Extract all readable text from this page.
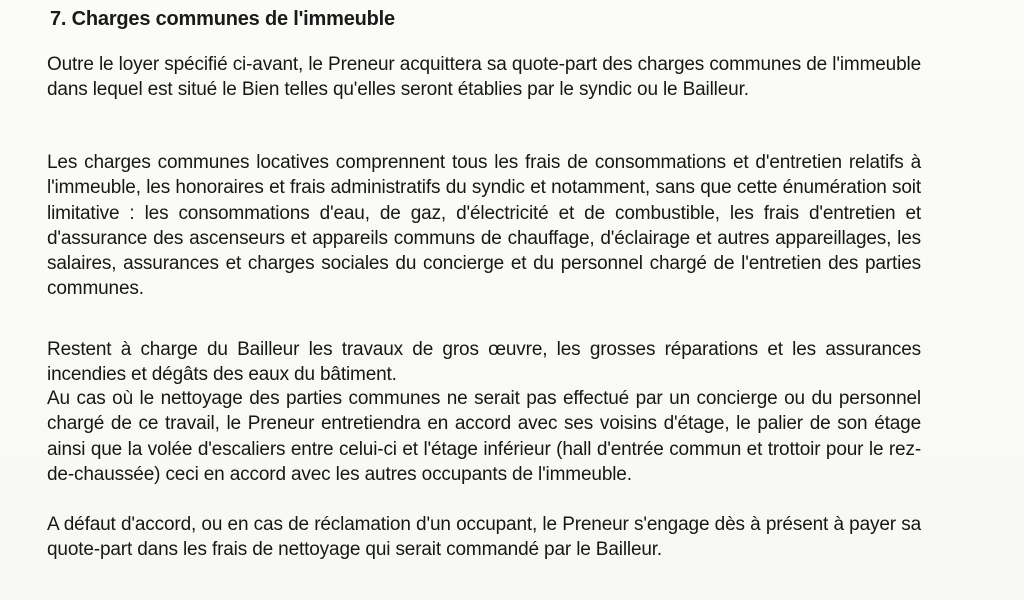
7. Charges communes de l'immeuble

Outre le loyer spécifié ci-avant, le Preneur acquittera sa quote-part des charges communes de l'immeuble dans lequel est situé le Bien telles qu'elles seront établies par le syndic ou le Bailleur.

Les charges communes locatives comprennent tous les frais de consommations et d'entretien relatifs à l'immeuble, les honoraires et frais administratifs du syndic et notamment, sans que cette énumération soit limitative : les consommations d'eau, de gaz, d'électricité et de combustible, les frais d'entretien et d'assurance des ascenseurs et appareils communs de chauffage, d'éclairage et autres appareillages, les salaires, assurances et charges sociales du concierge et du personnel chargé de l'entretien des parties communes.

Restent à charge du Bailleur les travaux de gros œuvre, les grosses réparations et les assurances incendies et dégâts des eaux du bâtiment.

Au cas où le nettoyage des parties communes ne serait pas effectué par un concierge ou du personnel chargé de ce travail, le Preneur entretiendra en accord avec ses voisins d'étage, le palier de son étage ainsi que la volée d'escaliers entre celui-ci et l'étage inférieur (hall d'entrée commun et trottoir pour le rez-de-chaussée) ceci en accord avec les autres occupants de l'immeuble.

A défaut d'accord, ou en cas de réclamation d'un occupant, le Preneur s'engage dès à présent à payer sa quote-part dans les frais de nettoyage qui serait commandé par le Bailleur.
